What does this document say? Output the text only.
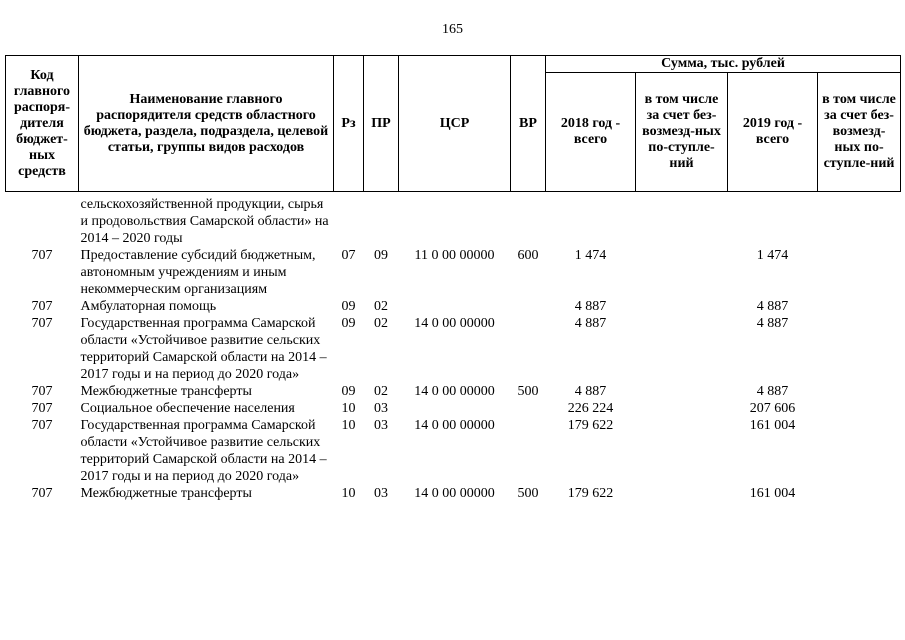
165
Код главного распоря-дителя бюджет-ных средств	Наименование главного распорядителя средств областного бюджета, раздела, подраздела, целевой статьи, группы видов расходов	Рз	ПР	ЦСР	ВР	Сумма, тыс. рублей			
						2018 год - всего	в том числе за счет без-возмезд-ных по-ступле-ний	2019 год - всего	в том числе за счет без-возмезд-ных по-ступле-ний

	сельскохозяйственной продукции, сырья и продовольствия Самарской области» на 2014 – 2020 годы								
707	Предоставление субсидий бюджетным, автономным учреждениям и иным некоммерческим организациям	07	09	11 0 00 00000	600	1 474		1 474	
707	Амбулаторная помощь	09	02			4 887		4 887	
707	Государственная программа Самарской области «Устойчивое развитие сельских территорий Самарской области на 2014 – 2017 годы и на период до 2020 года»	09	02	14 0 00 00000		4 887		4 887	
707	Межбюджетные трансферты	09	02	14 0 00 00000	500	4 887		4 887	
707	Социальное обеспечение населения	10	03			226 224		207 606	
707	Государственная программа Самарской области «Устойчивое развитие сельских территорий Самарской области на 2014 – 2017 годы и на период до 2020 года»	10	03	14 0 00 00000		179 622		161 004	
707	Межбюджетные трансферты	10	03	14 0 00 00000	500	179 622		161 004	
